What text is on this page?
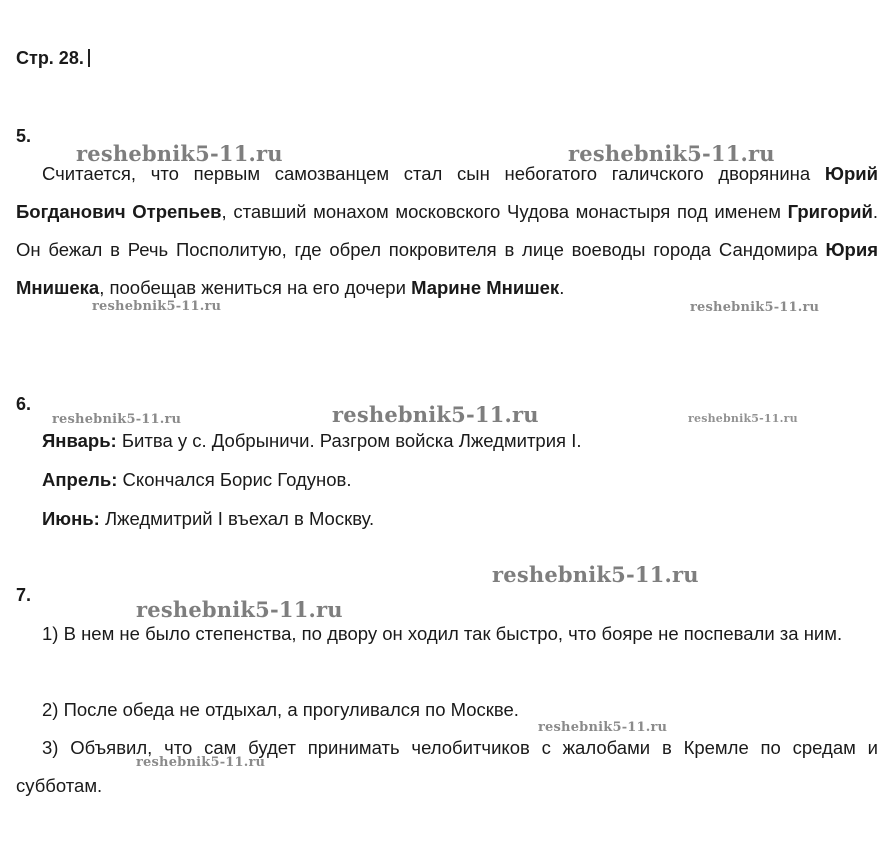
Стр. 28.
5.

Считается, что первым самозванцем стал сын небогатого галичского дворянина Юрий Богданович Отрепьев, ставший монахом московского Чудова монастыря под именем Григорий. Он бежал в Речь Посполитую, где обрел покровителя в лице воеводы города Сандомира Юрия Мнишека, пообещав жениться на его дочери Марине Мнишек.

6.

Январь: Битва у с. Добрыничи. Разгром войска Лжедмитрия I.

Апрель: Скончался Борис Годунов.

Июнь: Лжедмитрий I въехал в Москву.

7.

1) В нем не было степенства, по двору он ходил так быстро, что бояре не поспевали за ним.

2) После обеда не отдыхал, а прогуливался по Москве.

3) Объявил, что сам будет принимать челобитчиков с жалобами в Кремле по средам и субботам.

reshebnik5-11.ru	reshebnik5-11.ru
reshebnik5-11.ru	reshebnik5-11.ru
reshebnik5-11.ru	reshebnik5-11.ru	reshebnik5-11.ru
reshebnik5-11.ru
reshebnik5-11.ru
reshebnik5-11.ru
reshebnik5-11.ru
